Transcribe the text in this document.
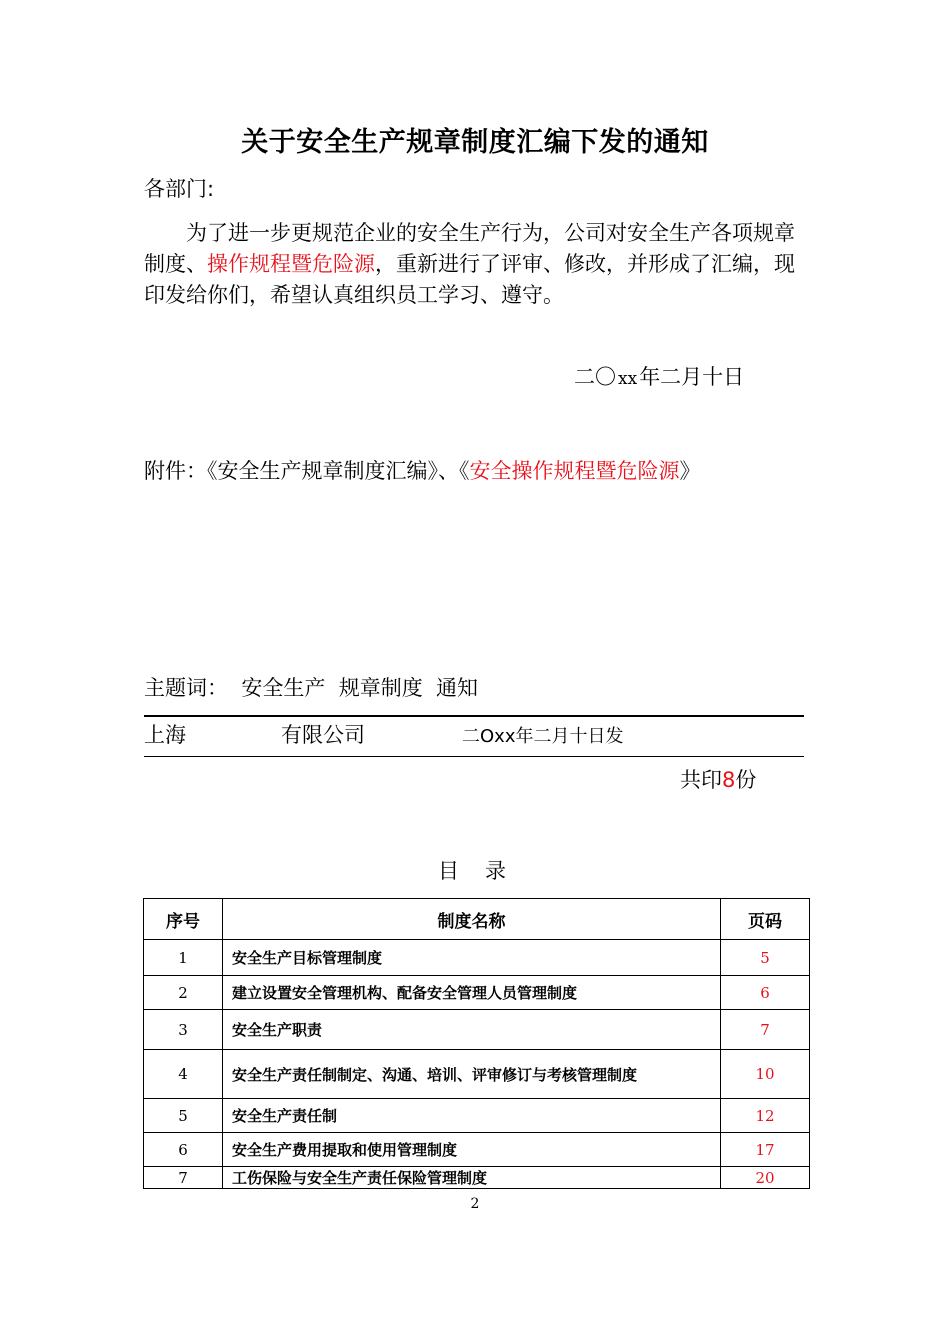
关于安全生产规章制度汇编下发的通知
各部门:
为了进一步更规范企业的安全生产行为，公司对安全生产各项规章制度、操作规程暨危险源，重新进行了评审、修改，并形成了汇编，现印发给你们，希望认真组织员工学习、遵守。
二〇 xx年二月十日
附件：《安全生产规章制度汇编》、《安全操作规程暨危险源》
主题词：  安全生产  规章制度  通知
上海	有限公司	二Oxx年二月十日发
共印8份
目 录
序号	制度名称	页码
1	安全生产目标管理制度	5
2	建立设置安全管理机构、配备安全管理人员管理制度	6
3	安全生产职责	7
4	安全生产责任制制定、沟通、培训、评审修订与考核管理制度	10
5	安全生产责任制	12
6	安全生产费用提取和使用管理制度	17
7	工伤保险与安全生产责任保险管理制度	20
2
